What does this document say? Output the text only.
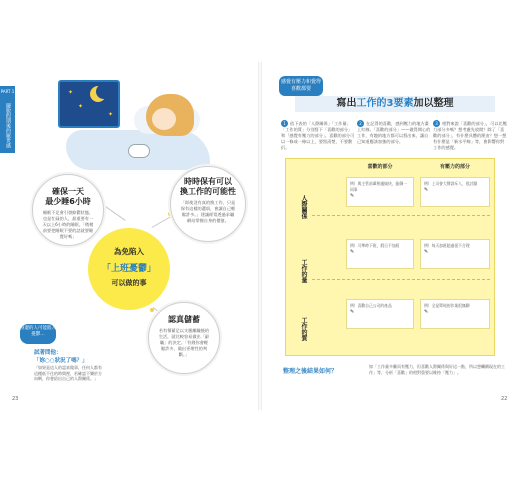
PART 1
擺脫假期後的厭世感
✦
✦
✦
確保一天
最少睡6小時
睡眠不足會引發抑鬱狀態，也是忙碌的人，最重要有一天以上6小時的睡眠。「稍稍前要把睡眠不要的話就要睡覺好嗎」
時時保有可以
換工作的可能性
「即使沒有真的換工作，只是保有這樣的選項，會讓自己輕鬆許多。」建議經常透過求職網站掌握自身的價值。
為免陷入
「上班憂鬱」
可以做的事
認真儲蓄
若有積蓄足以支應離職後的生活，就比較容易做出「辭職」的決定。「有錢你會輕鬆許多，做出更理性的判斷。」
身邊的人可能陷入憂鬱…
試著問他：
「妳○○狀況了嗎？」
「如果是這人的認真做事，任何人都有這種低不住的時間裡，若確認不樂於方向啊，你會給出自己的人際關係。」
23
感覺有壓力和覺得喜歡都要
寫出工作的3要素加以整理
1 依下表的「人際關係」「工作量」「工作的質」分別寫下「喜歡的部分」和「感覺有壓力的部分」。喜歡的部分可以一條或一條以上，要寫清楚，不要敷衍。
2 在記得的喜歡，感到壓力的地方畫上紅線。「喜歡的部分」——做得開心的工作，有趣的地方都可以寫出來，讓自己知道應該加強的部分。
3 相對來說「喜歡的部分」，可以比壓力部分多嗎？想考慮先放開？除了「喜歡的部分」，有什麼具體的理由？想一想有什麼是「新水平線」等，會影響你對工作的感覺。
喜歡的部分	有壓力的部分
人際關係
例）與主管前輩相處愉快，能聊一同事
✎
例）上司會大聲訓斥人，很討厭
✎
工作的量
例）可準時下班，假日不加班
✎
例）每天加班超過很不合理
✎
工作的質
例）喜歡自己公司的產品
✎
例）全是單純的作業很無聊
✎
整理之後結果如何？
如「工作量多難而有壓力，但喜歡人際關係與好這一點，所以想繼續現在的工作」等，分析「喜歡」的相對重要以維持「壓力」。
22
